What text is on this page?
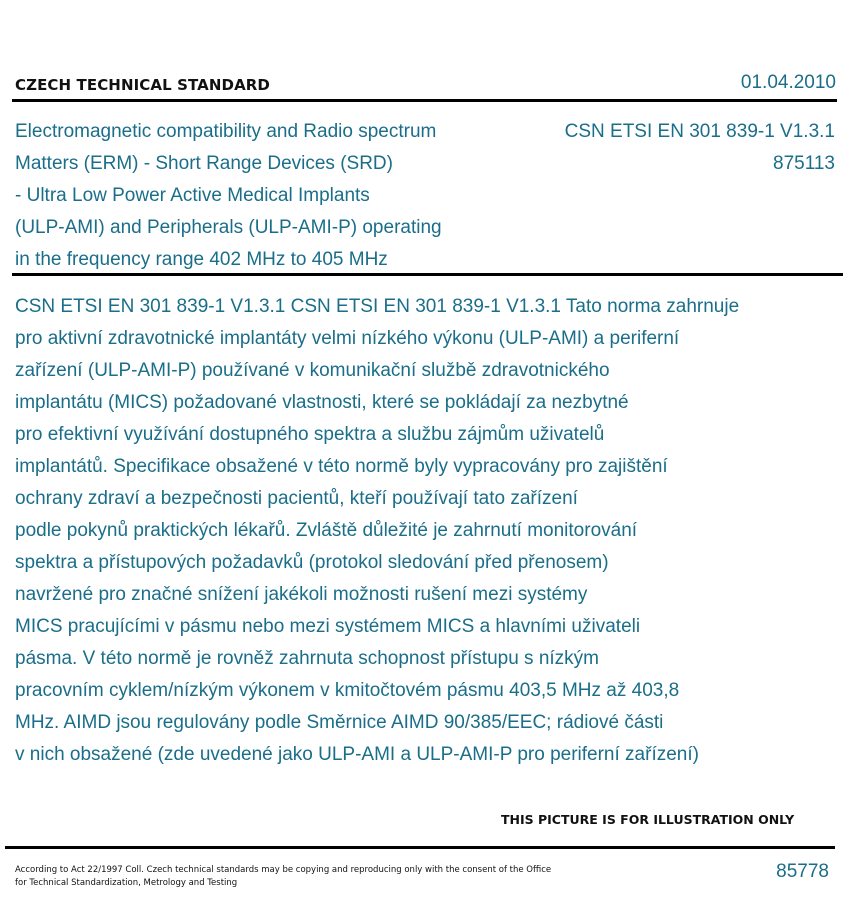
CZECH TECHNICAL STANDARD	01.04.2010
Electromagnetic compatibility and Radio spectrum
Matters (ERM) - Short Range Devices (SRD)
- Ultra Low Power Active Medical Implants
(ULP-AMI) and Peripherals (ULP-AMI-P) operating
in the frequency range 402 MHz to 405 MHz
CSN ETSI EN 301 839-1 V1.3.1
875113
CSN ETSI EN 301 839-1 V1.3.1 CSN ETSI EN 301 839-1 V1.3.1 Tato norma zahrnuje
pro aktivní zdravotnické implantáty velmi nízkého výkonu (ULP-AMI) a periferní
zařízení (ULP-AMI-P) používané v komunikační službě zdravotnického
implantátu (MICS) požadované vlastnosti, které se pokládají za nezbytné
pro efektivní využívání dostupného spektra a službu zájmům uživatelů
implantátů. Specifikace obsažené v této normě byly vypracovány pro zajištění
ochrany zdraví a bezpečnosti pacientů, kteří používají tato zařízení
podle pokynů praktických lékařů. Zvláště důležité je zahrnutí monitorování
spektra a přístupových požadavků (protokol sledování před přenosem)
navržené pro značné snížení jakékoli možnosti rušení mezi systémy
MICS pracujícími v pásmu nebo mezi systémem MICS a hlavními uživateli
pásma. V této normě je rovněž zahrnuta schopnost přístupu s nízkým
pracovním cyklem/nízkým výkonem v kmitočtovém pásmu 403,5 MHz až 403,8
MHz. AIMD jsou regulovány podle Směrnice AIMD 90/385/EEC; rádiové části
v nich obsažené (zde uvedené jako ULP-AMI a ULP-AMI-P pro periferní zařízení)
THIS PICTURE IS FOR ILLUSTRATION ONLY
According to Act 22/1997 Coll. Czech technical standards may be copying and reproducing only with the consent of the Office
for Technical Standardization, Metrology and Testing
85778
